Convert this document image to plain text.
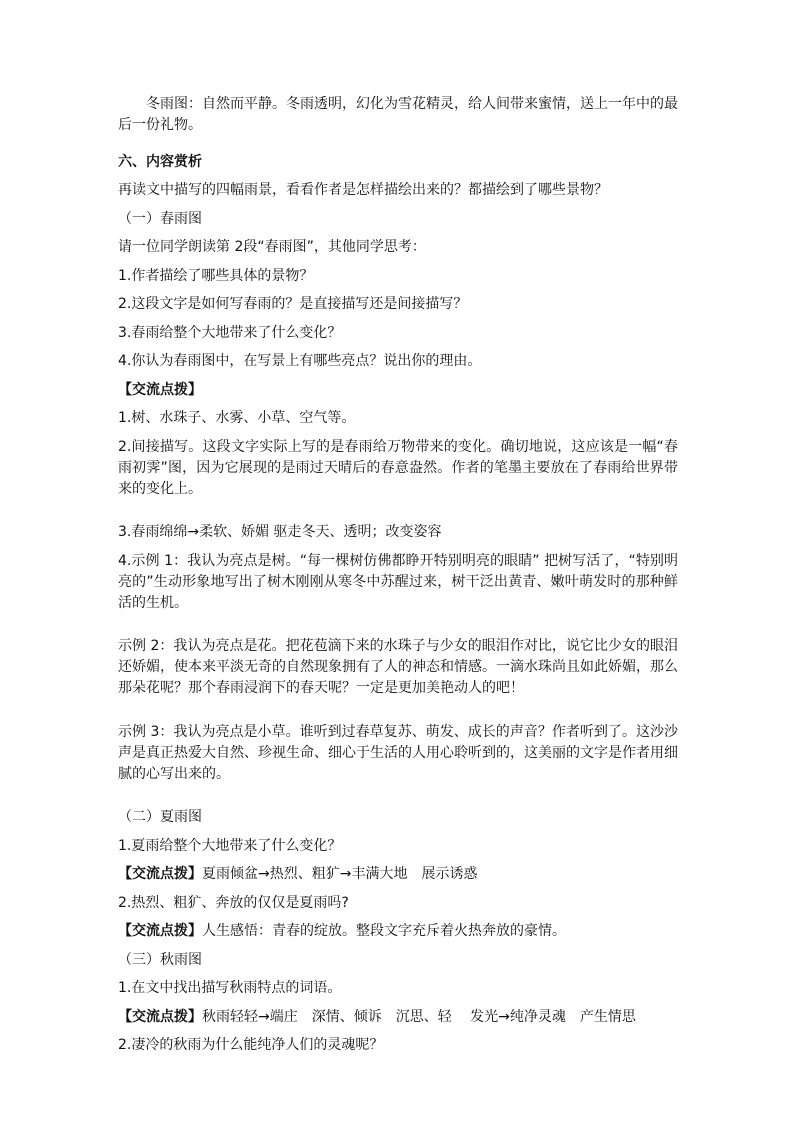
冬雨图：自然而平静。冬雨透明，幻化为雪花精灵，给人间带来蜜情，送上一年中的最后一份礼物。

六、内容赏析

再读文中描写的四幅雨景，看看作者是怎样描绘出来的？都描绘到了哪些景物？

（一）春雨图

请一位同学朗读第 2段“春雨图”，其他同学思考：

1.作者描绘了哪些具体的景物？

2.这段文字是如何写春雨的？是直接描写还是间接描写？

3.春雨给整个大地带来了什么变化？

4.你认为春雨图中，在写景上有哪些亮点？说出你的理由。

【交流点拨】

1.树、水珠子、水雾、小草、空气等。

2.间接描写。这段文字实际上写的是春雨给万物带来的变化。确切地说，这应该是一幅“春雨初霁”图，因为它展现的是雨过天晴后的春意盎然。作者的笔墨主要放在了春雨给世界带来的变化上。

3.春雨绵绵→柔软、娇媚 驱走冬天、透明；改变姿容

4.示例 1：我认为亮点是树。“每一棵树仿佛都睁开特别明亮的眼睛” 把树写活了，“特别明亮的”生动形象地写出了树木刚刚从寒冬中苏醒过来，树干泛出黄青、嫩叶萌发时的那种鲜活的生机。

示例 2：我认为亮点是花。把花苞滴下来的水珠子与少女的眼泪作对比，说它比少女的眼泪还娇媚，使本来平淡无奇的自然现象拥有了人的神态和情感。一滴水珠尚且如此娇媚，那么那朵花呢？那个春雨浸润下的春天呢？一定是更加美艳动人的吧！

示例 3：我认为亮点是小草。谁听到过春草复苏、萌发、成长的声音？作者听到了。这沙沙声是真正热爱大自然、珍视生命、细心于生活的人用心聆听到的，这美丽的文字是作者用细腻的心写出来的。

（二）夏雨图

1.夏雨给整个大地带来了什么变化？

【交流点拨】夏雨倾盆→热烈、粗犷→丰满大地　展示诱惑

2.热烈、粗犷、奔放的仅仅是夏雨吗?

【交流点拨】人生感悟：青春的绽放。整段文字充斥着火热奔放的豪情。

（三）秋雨图

1.在文中找出描写秋雨特点的词语。

【交流点拨】秋雨轻轻→端庄　深情、倾诉　沉思、轻　 发光→纯净灵魂　产生情思

2.凄冷的秋雨为什么能纯净人们的灵魂呢？
